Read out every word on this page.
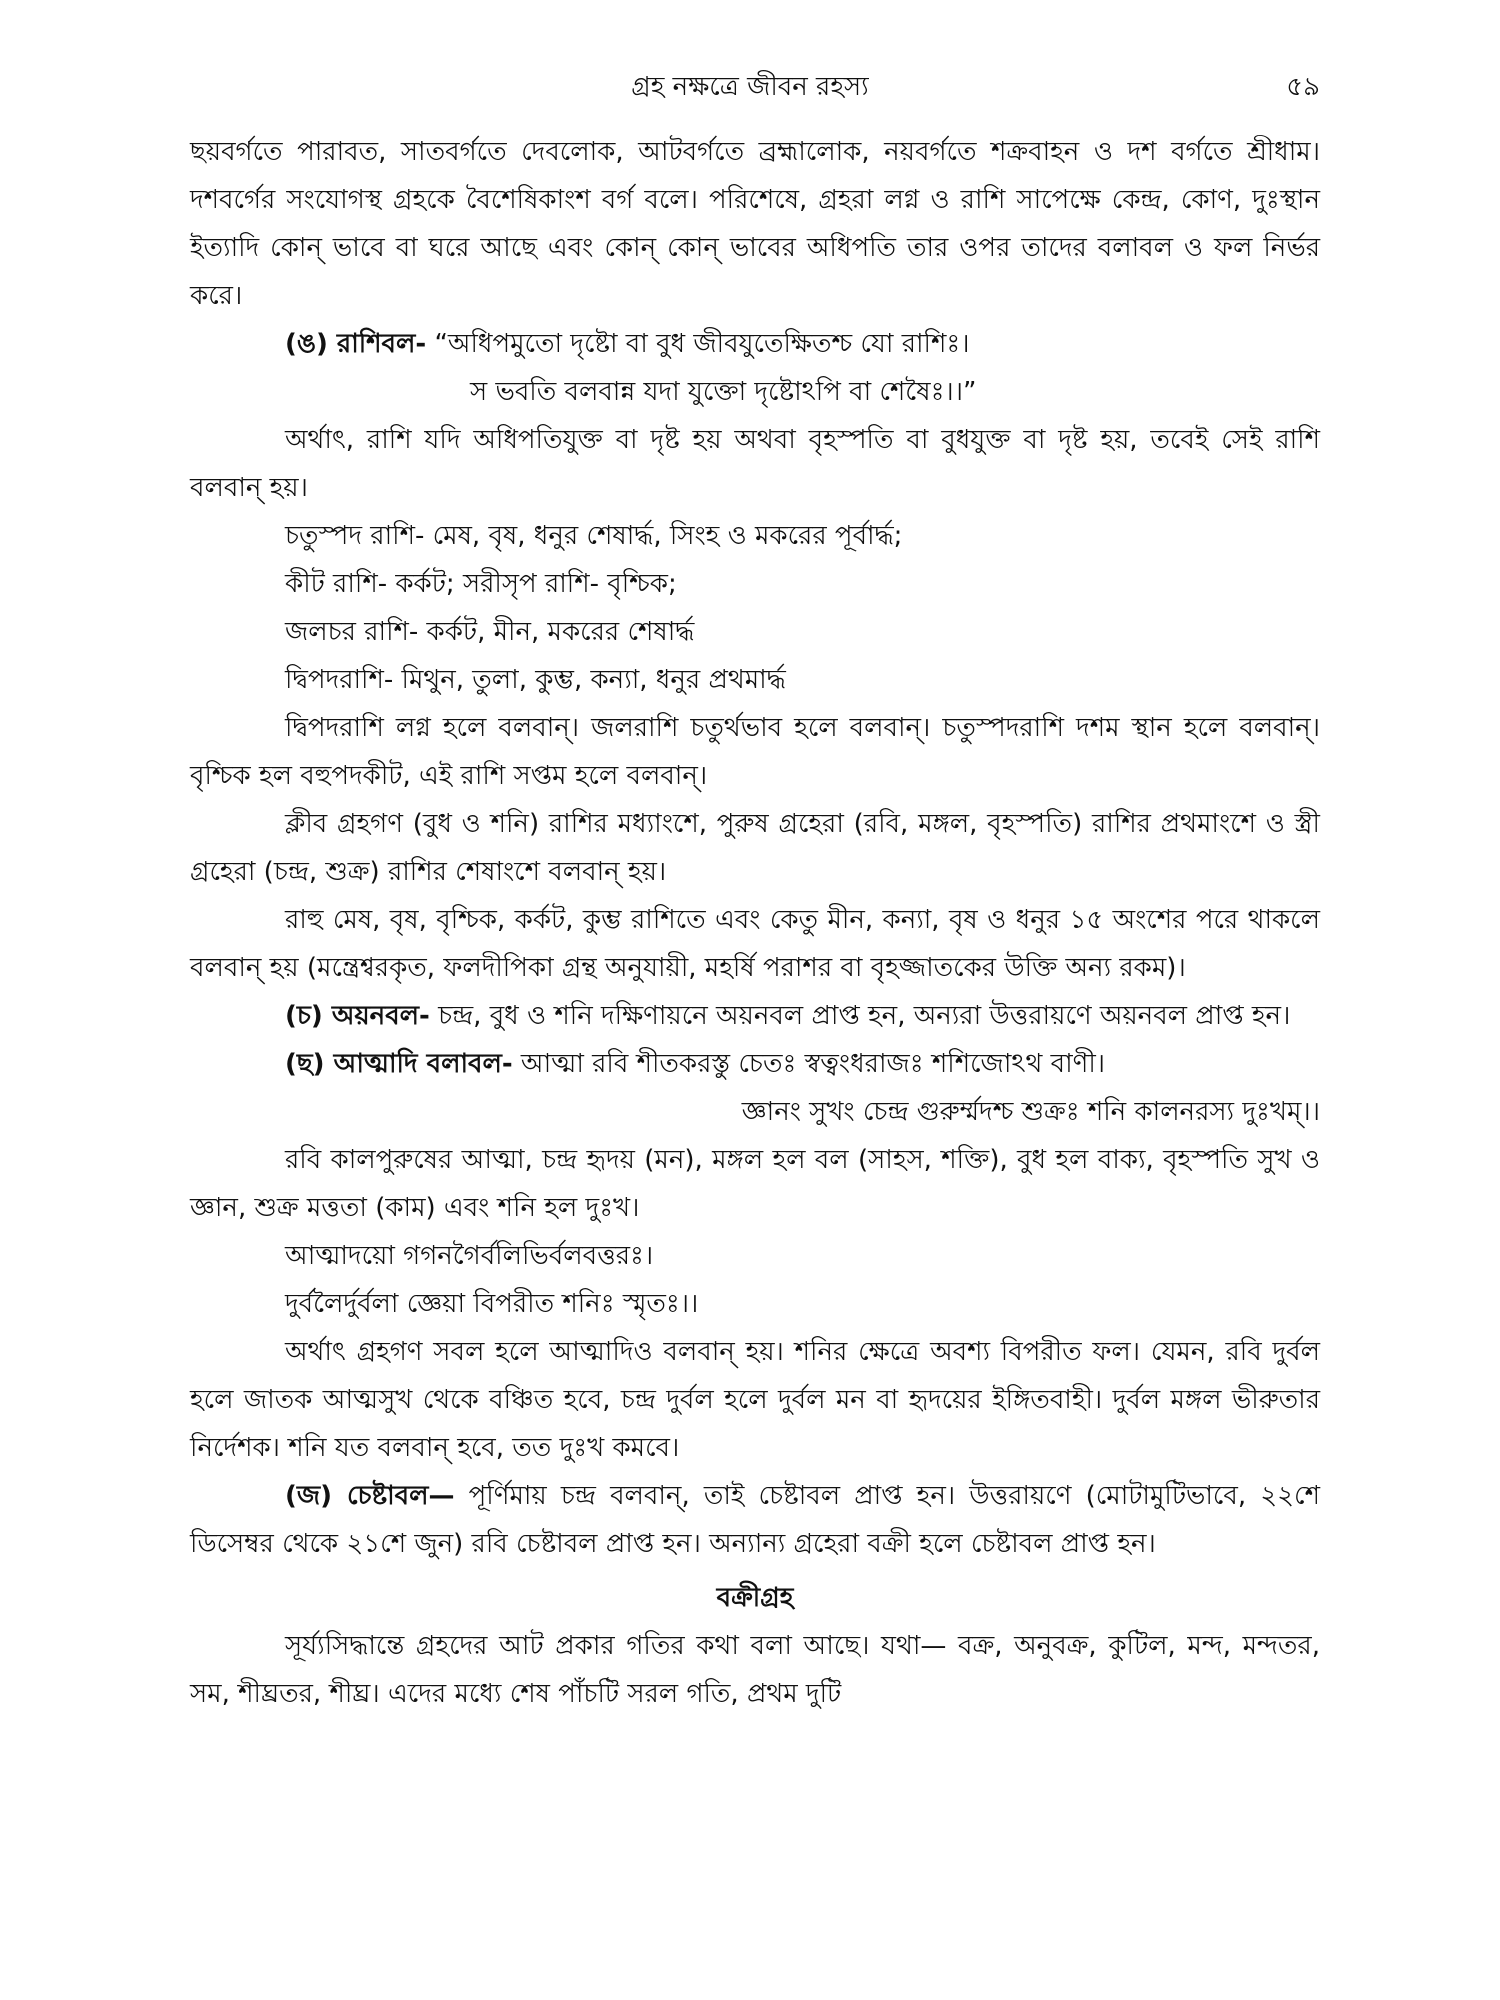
গ্রহ নক্ষত্রে জীবন রহস্য	৫৯

ছয়বর্গতে পারাবত, সাতবর্গতে দেবলোক, আটবর্গতে ব্রহ্মালোক, নয়বর্গতে শক্রবাহন ও দশ বর্গতে শ্রীধাম। দশবর্গের সংযোগস্থ গ্রহকে বৈশেষিকাংশ বর্গ বলে। পরিশেষে, গ্রহরা লগ্ন ও রাশি সাপেক্ষে কেন্দ্র, কোণ, দুঃস্থান ইত্যাদি কোন্ ভাবে বা ঘরে আছে এবং কোন্ কোন্ ভাবের অধিপতি তার ওপর তাদের বলাবল ও ফল নির্ভর করে।

(ঙ) রাশিবল- “অধিপমুতো দৃষ্টো বা বুধ জীবযুতেক্ষিতশ্চ যো রাশিঃ।

স ভবতি বলবান্ন যদা যুক্তো দৃষ্টোঽপি বা শেষৈঃ।।”

অর্থাৎ, রাশি যদি অধিপতিযুক্ত বা দৃষ্ট হয় অথবা বৃহস্পতি বা বুধযুক্ত বা দৃষ্ট হয়, তবেই সেই রাশি বলবান্ হয়।

চতুস্পদ রাশি- মেষ, বৃষ, ধনুর শেষার্দ্ধ, সিংহ ও মকরের পূর্বার্দ্ধ;

কীট রাশি- কর্কট; সরীসৃপ রাশি- বৃশ্চিক;

জলচর রাশি- কর্কট, মীন, মকরের শেষার্দ্ধ

দ্বিপদরাশি- মিথুন, তুলা, কুম্ভ, কন্যা, ধনুর প্রথমার্দ্ধ

দ্বিপদরাশি লগ্ন হলে বলবান্। জলরাশি চতুর্থভাব হলে বলবান্। চতুস্পদরাশি দশম স্থান হলে বলবান্। বৃশ্চিক হল বহুপদকীট, এই রাশি সপ্তম হলে বলবান্।

ক্লীব গ্রহগণ (বুধ ও শনি) রাশির মধ্যাংশে, পুরুষ গ্রহেরা (রবি, মঙ্গল, বৃহস্পতি) রাশির প্রথমাংশে ও স্ত্রী গ্রহেরা (চন্দ্র, শুক্র) রাশির শেষাংশে বলবান্ হয়।

রাহু মেষ, বৃষ, বৃশ্চিক, কর্কট, কুম্ভ রাশিতে এবং কেতু মীন, কন্যা, বৃষ ও ধনুর ১৫ অংশের পরে থাকলে বলবান্ হয় (মন্ত্রেশ্বরকৃত, ফলদীপিকা গ্রন্থ অনুযায়ী, মহর্ষি পরাশর বা বৃহজ্জাতকের উক্তি অন্য রকম)।

(চ) অয়নবল- চন্দ্র, বুধ ও শনি দক্ষিণায়নে অয়নবল প্রাপ্ত হন, অন্যরা উত্তরায়ণে অয়নবল প্রাপ্ত হন।

(ছ) আত্মাদি বলাবল- আত্মা রবি শীতকরস্তু চেতঃ স্বত্বংধরাজঃ শশিজোঽথ বাণী।

জ্ঞানং সুখং চেন্দ্র গুরুর্ম্মদশ্চ শুক্রঃ শনি কালনরস্য দুঃখম্।।

রবি কালপুরুষের আত্মা, চন্দ্র হৃদয় (মন), মঙ্গল হল বল (সাহস, শক্তি), বুধ হল বাক্য, বৃহস্পতি সুখ ও জ্ঞান, শুক্র মত্ততা (কাম) এবং শনি হল দুঃখ।

আত্মাদয়ো গগনগৈর্বলিভির্বলবত্তরঃ।

দুর্বলৈর্দুর্বলা জ্ঞেয়া বিপরীত শনিঃ স্মৃতঃ।।

অর্থাৎ গ্রহগণ সবল হলে আত্মাদিও বলবান্ হয়। শনির ক্ষেত্রে অবশ্য বিপরীত ফল। যেমন, রবি দুর্বল হলে জাতক আত্মসুখ থেকে বঞ্চিত হবে, চন্দ্র দুর্বল হলে দুর্বল মন বা হৃদয়ের ইঙ্গিতবাহী। দুর্বল মঙ্গল ভীরুতার নির্দেশক। শনি যত বলবান্ হবে, তত দুঃখ কমবে।

(জ) চেষ্টাবল— পূর্ণিমায় চন্দ্র বলবান্, তাই চেষ্টাবল প্রাপ্ত হন। উত্তরায়ণে (মোটামুটিভাবে, ২২শে ডিসেম্বর থেকে ২১শে জুন) রবি চেষ্টাবল প্রাপ্ত হন। অন্যান্য গ্রহেরা বক্রী হলে চেষ্টাবল প্রাপ্ত হন।

বক্রীগ্রহ

সূর্য্যসিদ্ধান্তে গ্রহদের আট প্রকার গতির কথা বলা আছে। যথা— বক্র, অনুবক্র, কুটিল, মন্দ, মন্দতর, সম, শীঘ্রতর, শীঘ্র। এদের মধ্যে শেষ পাঁচটি সরল গতি, প্রথম দুটি
